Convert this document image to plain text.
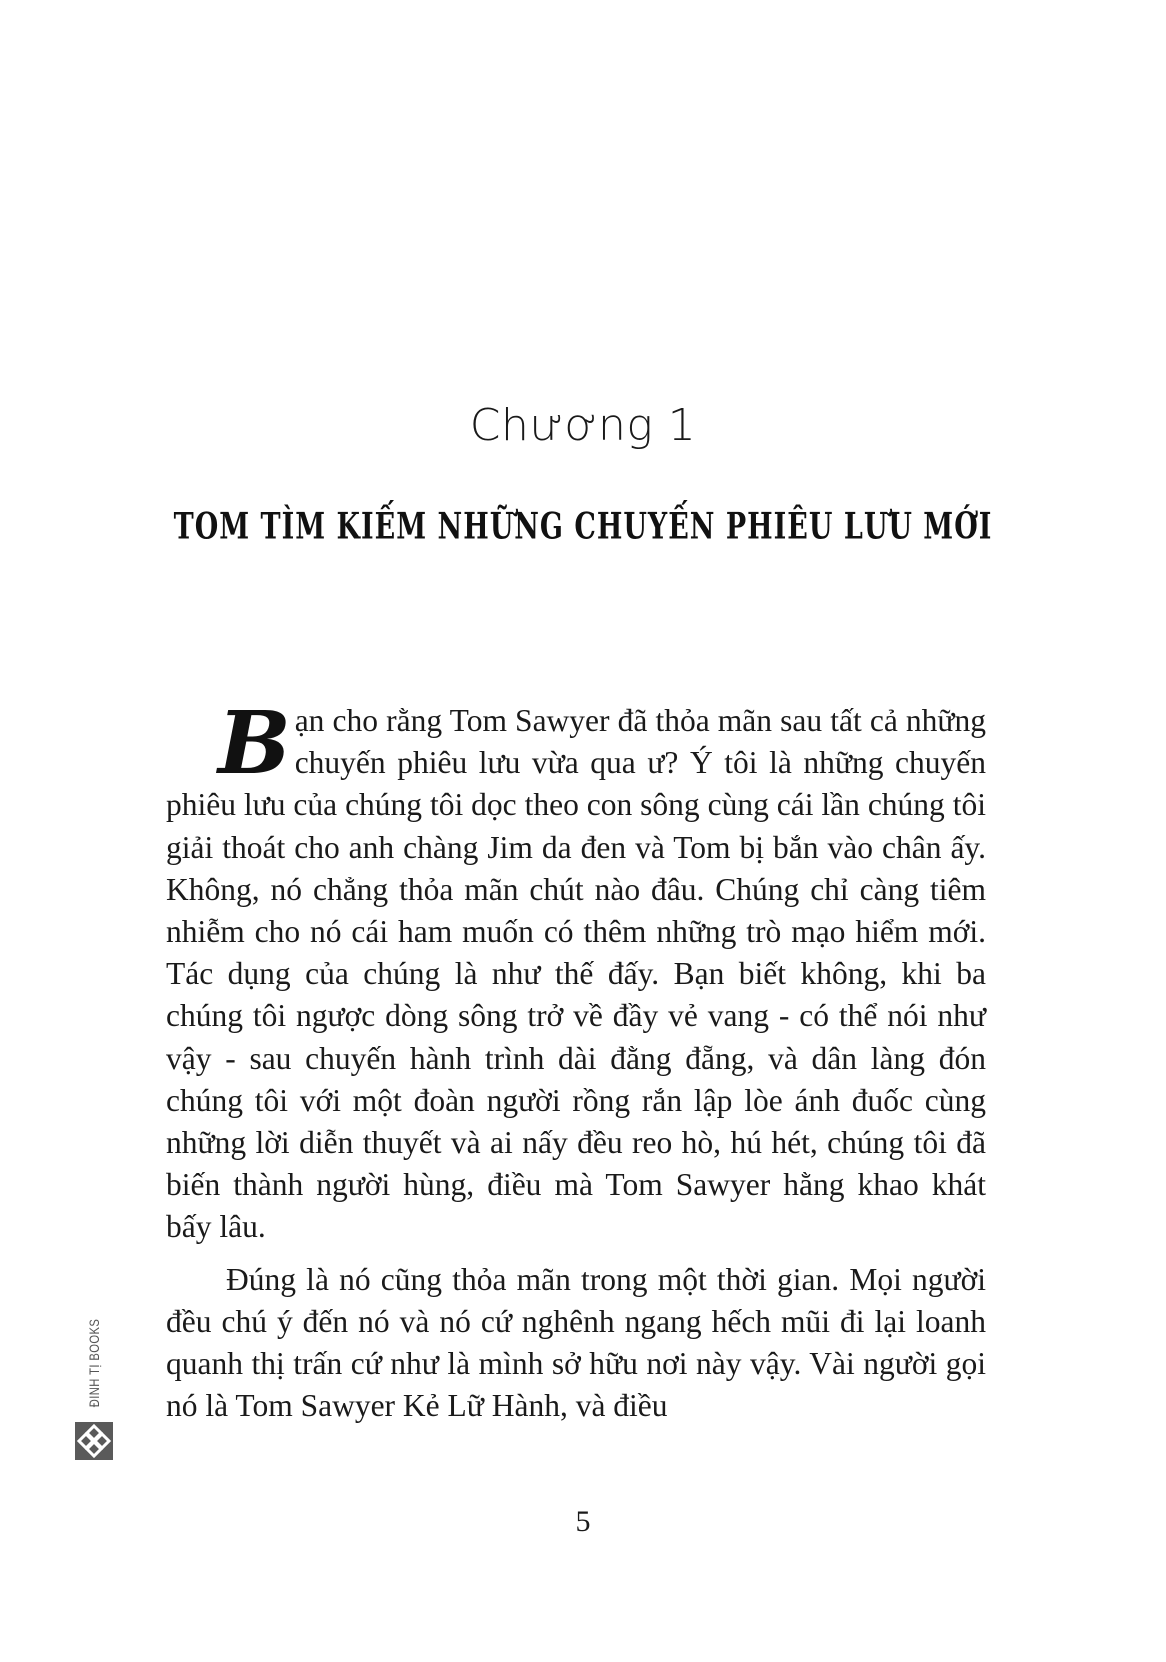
Chương 1
TOM TÌM KIẾM NHỮNG CHUYẾN PHIÊU LƯU MỚI

Bạn cho rằng Tom Sawyer đã thỏa mãn sau tất cả những chuyến phiêu lưu vừa qua ư? Ý tôi là những chuyến phiêu lưu của chúng tôi dọc theo con sông cùng cái lần chúng tôi giải thoát cho anh chàng Jim da đen và Tom bị bắn vào chân ấy. Không, nó chẳng thỏa mãn chút nào đâu. Chúng chỉ càng tiêm nhiễm cho nó cái ham muốn có thêm những trò mạo hiểm mới. Tác dụng của chúng là như thế đấy. Bạn biết không, khi ba chúng tôi ngược dòng sông trở về đầy vẻ vang - có thể nói như vậy - sau chuyến hành trình dài đằng đẵng, và dân làng đón chúng tôi với một đoàn người rồng rắn lập lòe ánh đuốc cùng những lời diễn thuyết và ai nấy đều reo hò, hú hét, chúng tôi đã biến thành người hùng, điều mà Tom Sawyer hằng khao khát bấy lâu.

Đúng là nó cũng thỏa mãn trong một thời gian. Mọi người đều chú ý đến nó và nó cứ nghênh ngang hếch mũi đi lại loanh quanh thị trấn cứ như là mình sở hữu nơi này vậy. Vài người gọi nó là Tom Sawyer Kẻ Lữ Hành, và điều

ĐINH TỊ BOOKS
5
